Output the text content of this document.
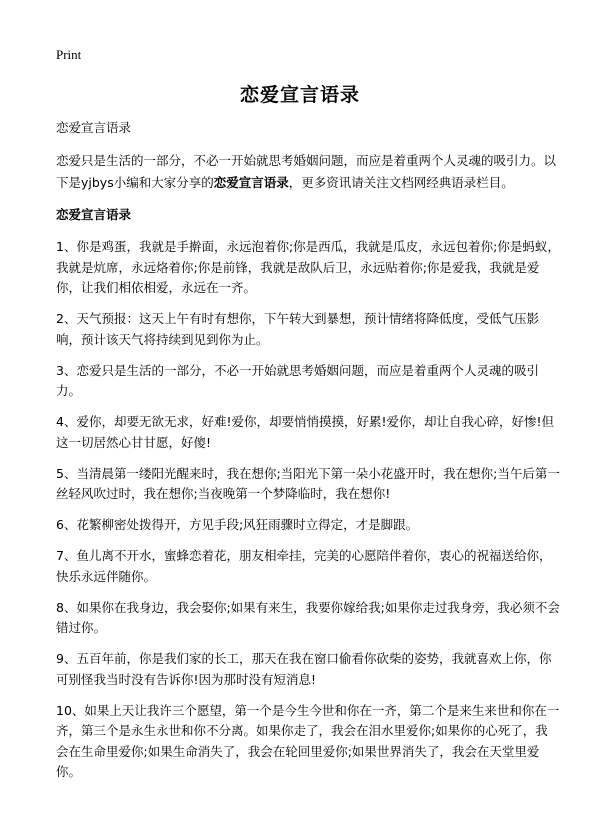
Print
恋爱宣言语录
恋爱宣言语录

恋爱只是生活的一部分，不必一开始就思考婚姻问题，而应是着重两个人灵魂的吸引力。以下是yjbys小编和大家分享的恋爱宣言语录，更多资讯请关注文档网经典语录栏目。

恋爱宣言语录

1、你是鸡蛋，我就是手擀面，永远泡着你;你是西瓜，我就是瓜皮，永远包着你;你是蚂蚁，我就是炕席，永远烙着你;你是前锋，我就是敌队后卫，永远贴着你;你是爱我，我就是爱你，让我们相依相爱，永远在一齐。

2、天气预报：这天上午有时有想你，下午转大到暴想，预计情绪将降低度，受低气压影响，预计该天气将持续到见到你为止。

3、恋爱只是生活的一部分，不必一开始就思考婚姻问题，而应是着重两个人灵魂的吸引力。

4、爱你，却要无欲无求，好难!爱你，却要悄悄摸摸，好累!爱你，却让自我心碎，好惨!但这一切居然心甘甘愿，好傻!

5、当清晨第一缕阳光醒来时，我在想你;当阳光下第一朵小花盛开时，我在想你;当午后第一丝轻风吹过时，我在想你;当夜晚第一个梦降临时，我在想你!

6、花繁柳密处拨得开，方见手段;风狂雨骤时立得定，才是脚跟。

7、鱼儿离不开水，蜜蜂恋着花，朋友相牵挂，完美的心愿陪伴着你，衷心的祝福送给你，快乐永远伴随你。

8、如果你在我身边，我会娶你;如果有来生，我要你嫁给我;如果你走过我身旁，我必须不会错过你。

9、五百年前，你是我们家的长工，那天在我在窗口偷看你砍柴的姿势，我就喜欢上你，你可别怪我当时没有告诉你!因为那时没有短消息!

10、如果上天让我许三个愿望，第一个是今生今世和你在一齐，第二个是来生来世和你在一齐，第三个是永生永世和你不分离。如果你走了，我会在泪水里爱你;如果你的心死了，我会在生命里爱你;如果生命消失了，我会在轮回里爱你;如果世界消失了，我会在天堂里爱你。
